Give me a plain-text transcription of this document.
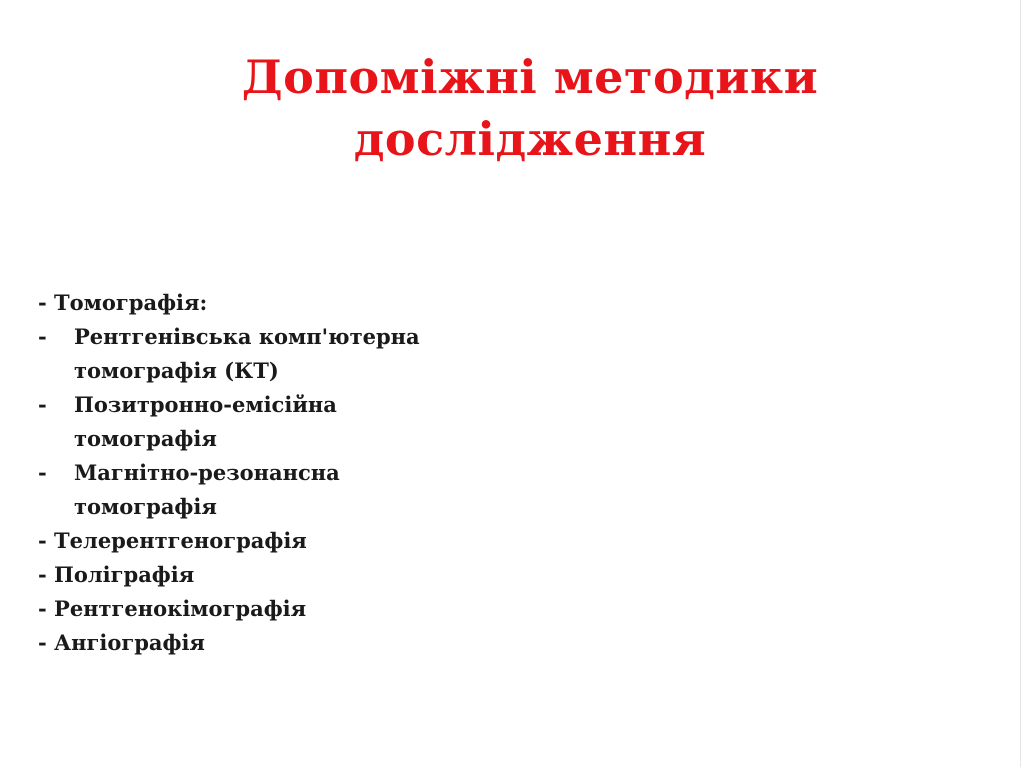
Допоміжні методики
дослідження
- Томографія:
- Рентгенівська комп'ютерна
томографія (КТ)
- Позитронно-емісійна
томографія
- Магнітно-резонансна
томографія
- Телерентгенографія
- Поліграфія
- Рентгенокімографія
- Ангіографія
